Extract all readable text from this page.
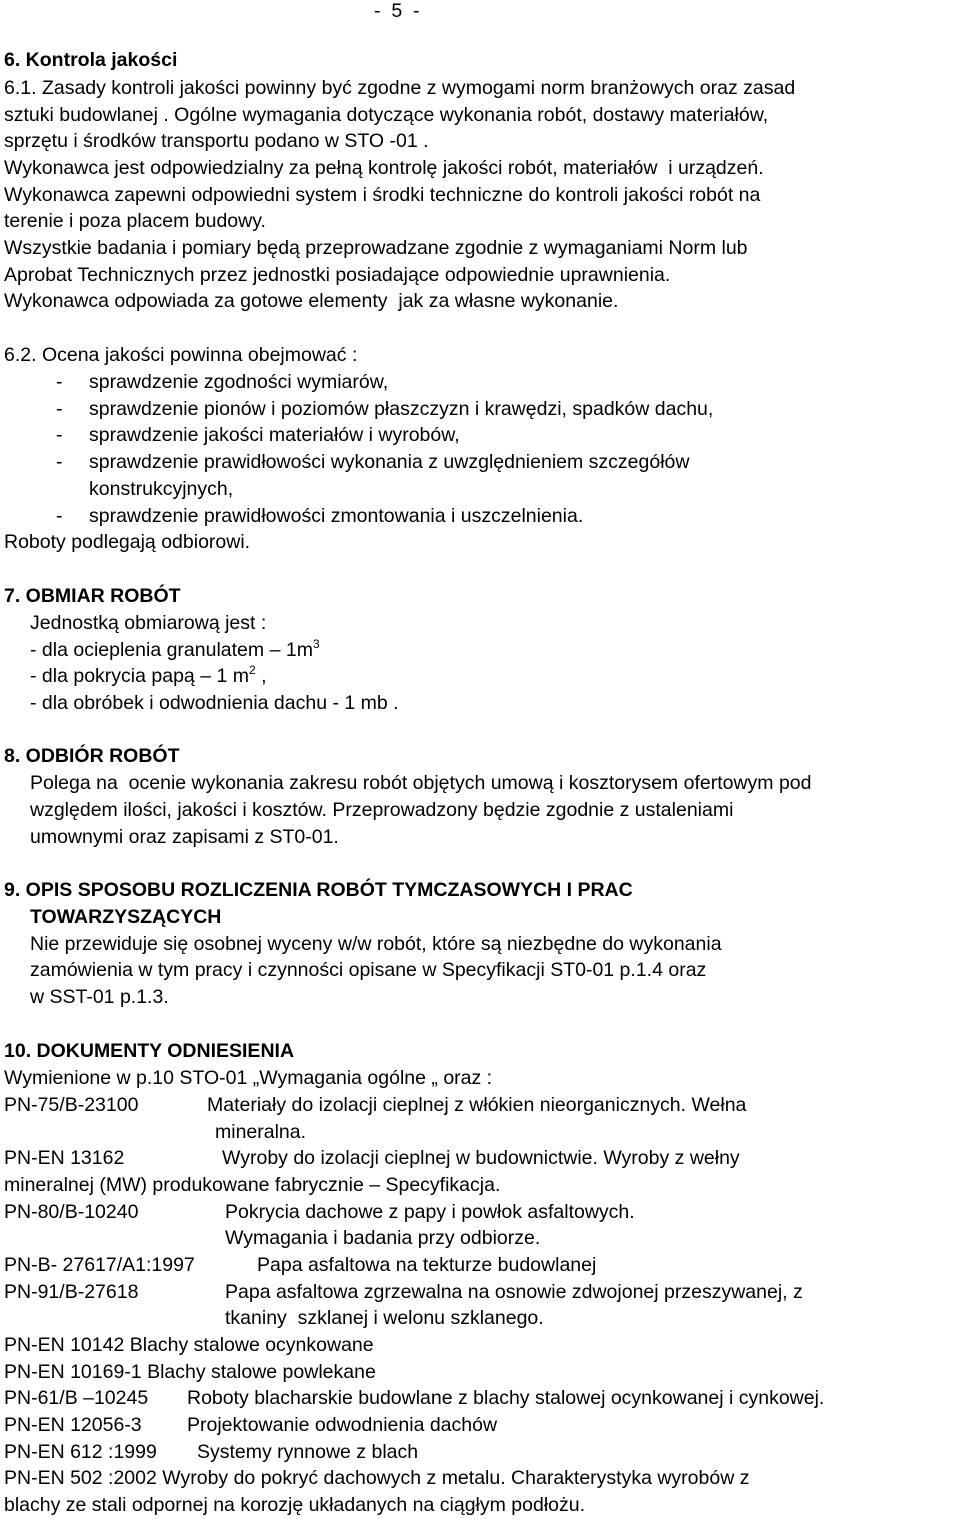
-  5  -
6. Kontrola jakości
6.1. Zasady kontroli jakości powinny być zgodne z wymogami norm branżowych oraz zasad
sztuki budowlanej . Ogólne wymagania dotyczące wykonania robót, dostawy materiałów,
sprzętu i środków transportu podano w STO -01 .
Wykonawca jest odpowiedzialny za pełną kontrolę jakości robót, materiałów  i urządzeń.
Wykonawca zapewni odpowiedni system i środki techniczne do kontroli jakości robót na
terenie i poza placem budowy.
Wszystkie badania i pomiary będą przeprowadzane zgodnie z wymaganiami Norm lub
Aprobat Technicznych przez jednostki posiadające odpowiednie uprawnienia.
Wykonawca odpowiada za gotowe elementy  jak za własne wykonanie.
6.2. Ocena jakości powinna obejmować :
- sprawdzenie zgodności wymiarów,
- sprawdzenie pionów i poziomów płaszczyzn i krawędzi, spadków dachu,
- sprawdzenie jakości materiałów i wyrobów,
- sprawdzenie prawidłowości wykonania z uwzględnieniem szczegółów
konstrukcyjnych,
- sprawdzenie prawidłowości zmontowania i uszczelnienia.
Roboty podlegają odbiorowi.
7. OBMIAR ROBÓT
Jednostką obmiarową jest :
- dla ocieplenia granulatem – $1m^3$
- dla pokrycia papą – 1 $m^2$ ,
- dla obróbek i odwodnienia dachu - 1 mb .
8. ODBIÓR ROBÓT
Polega na  ocenie wykonania zakresu robót objętych umową i kosztorysem ofertowym pod
względem ilości, jakości i kosztów. Przeprowadzony będzie zgodnie z ustaleniami
umownymi oraz zapisami z ST0-01.
9. OPIS SPOSOBU ROZLICZENIA ROBÓT TYMCZASOWYCH I PRAC
TOWARZYSZĄCYCH
Nie przewiduje się osobnej wyceny w/w robót, które są niezbędne do wykonania
zamówienia w tym pracy i czynności opisane w Specyfikacji ST0-01 p.1.4 oraz
w SST-01 p.1.3.
10. DOKUMENTY ODNIESIENIA
Wymienione w p.10 STO-01 „Wymagania ogólne „ oraz :
PN-75/B-23100	Materiały do izolacji cieplnej z włókien nieorganicznych. Wełna
mineralna.
PN-EN 13162	Wyroby do izolacji cieplnej w budownictwie. Wyroby z wełny
mineralnej (MW) produkowane fabrycznie – Specyfikacja.
PN-80/B-10240	Pokrycia dachowe z papy i powłok asfaltowych.
Wymagania i badania przy odbiorze.
PN-B- 27617/A1:1997	Papa asfaltowa na tekturze budowlanej
PN-91/B-27618	Papa asfaltowa zgrzewalna na osnowie zdwojonej przeszywanej, z
tkaniny  szklanej i welonu szklanego.
PN-EN 10142 Blachy stalowe ocynkowane
PN-EN 10169-1 Blachy stalowe powlekane
PN-61/B –10245 Roboty blacharskie budowlane z blachy stalowej ocynkowanej i cynkowej.
PN-EN 12056-3 Projektowanie odwodnienia dachów
PN-EN 612 :1999 Systemy rynnowe z blach
PN-EN 502 :2002 Wyroby do pokryć dachowych z metalu. Charakterystyka wyrobów z
blachy ze stali odpornej na korozję układanych na ciągłym podłożu.
